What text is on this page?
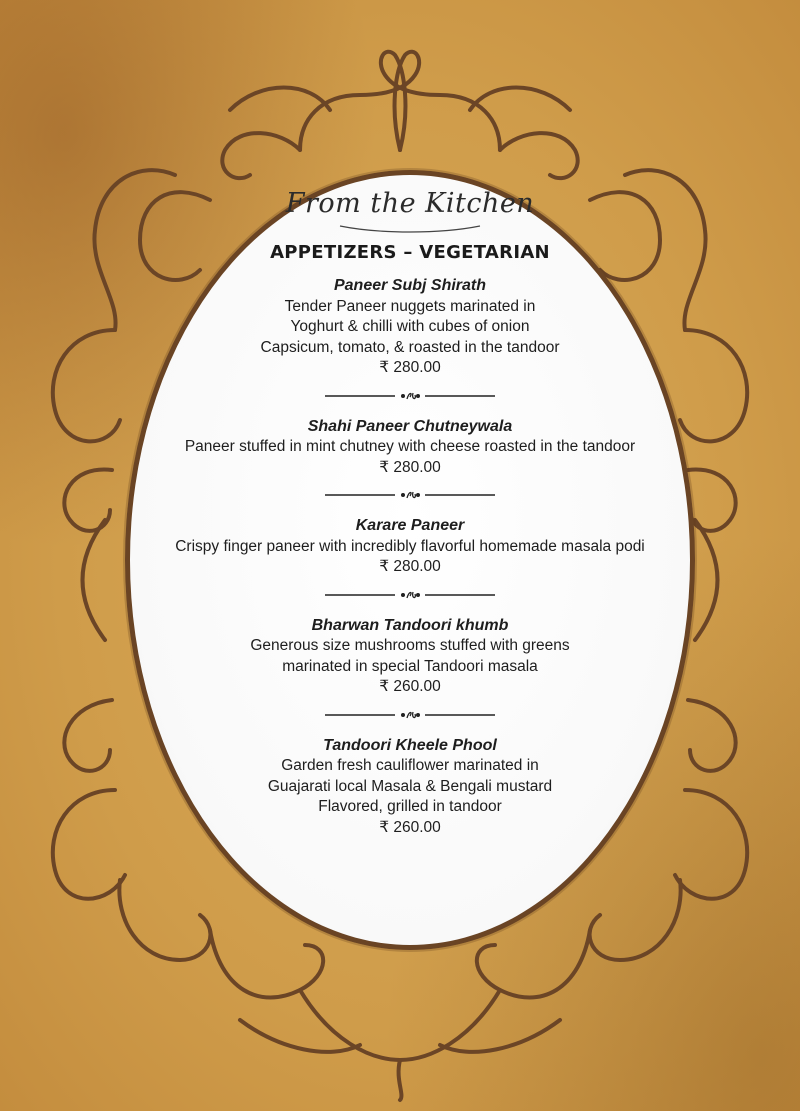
From the Kitchen
APPETIZERS – VEGETARIAN
Paneer Subj Shirath
Tender Paneer nuggets marinated in
Yoghurt & chilli with cubes of onion
Capsicum, tomato, & roasted in the tandoor
₹ 280.00
Shahi Paneer Chutneywala
Paneer stuffed in mint chutney with cheese roasted in the tandoor
₹ 280.00
Karare Paneer
Crispy finger paneer with incredibly flavorful homemade masala podi
₹ 280.00
Bharwan Tandoori khumb
Generous size mushrooms stuffed with greens
marinated in special Tandoori masala
₹ 260.00
Tandoori Kheele Phool
Garden fresh cauliflower marinated in
Guajarati local Masala & Bengali mustard
Flavored, grilled in tandoor
₹ 260.00
